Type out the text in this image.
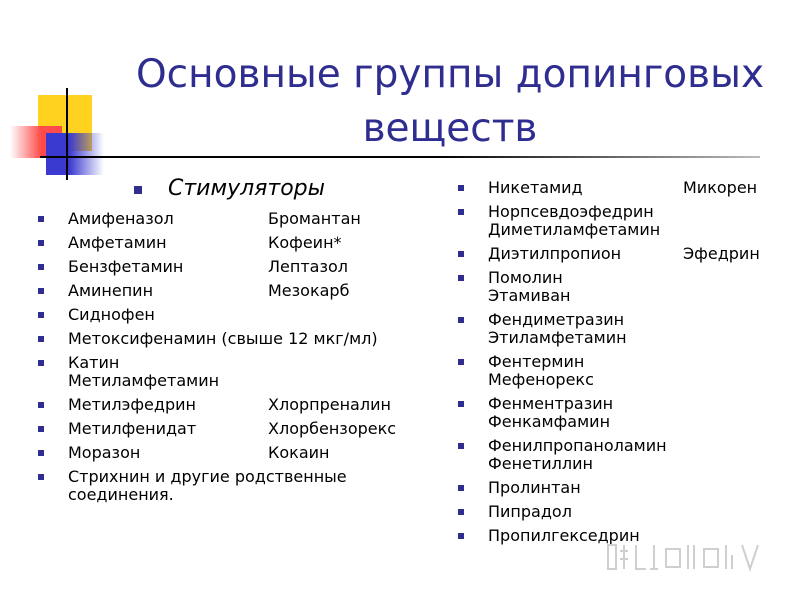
Основные группы допинговых веществ
Стимуляторы
Амифеназол	Бромантан
Амфетамин	Кофеин*
Бензфетамин	Лептазол
Аминепин	Мезокарб
Сиднофен
Метоксифенамин (свыше 12 мкг/мл)
Катин
Метиламфетамин
Метилэфедрин	Хлорпреналин
Метилфенидат	Хлорбензорекс
Моразон	Кокаин
Стрихнин и другие родственные
соединения.
Никетамид	Микорен
Норпсевдоэфедрин
Диметиламфетамин
Диэтилпропион	Эфедрин
Помолин
Этамиван
Фендиметразин
Этиламфетамин
Фентермин
Мефенорекс
Фенментразин
Фенкамфамин
Фенилпропаноламин
Фенетиллин
Пролинтан
Пипрадол
Пропилгекседрин
